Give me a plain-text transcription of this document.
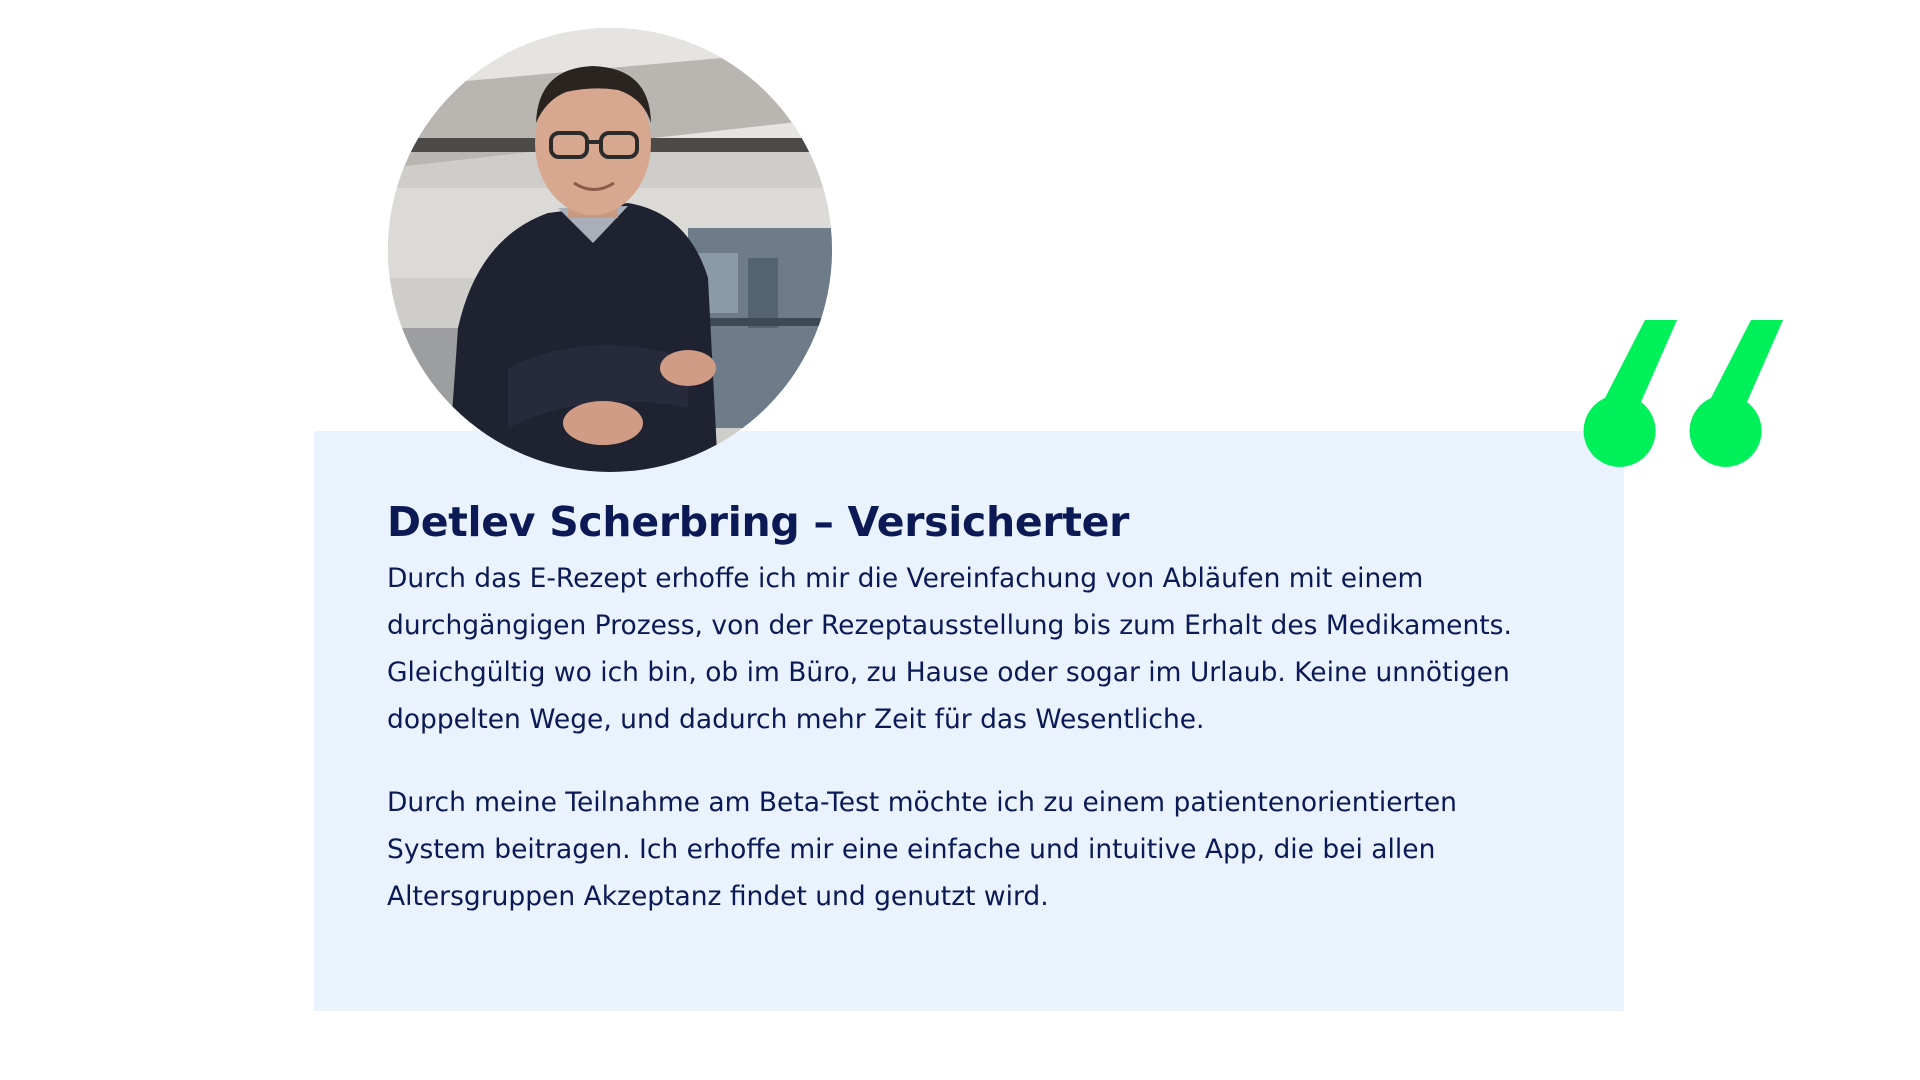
Detlev Scherbring – Versicherter

Durch das E-Rezept erhoffe ich mir die Vereinfachung von Abläufen mit einem durchgängigen Prozess, von der Rezeptausstellung bis zum Erhalt des Medikaments. Gleichgültig wo ich bin, ob im Büro, zu Hause oder sogar im Urlaub. Keine unnötigen doppelten Wege, und dadurch mehr Zeit für das Wesentliche.

Durch meine Teilnahme am Beta-Test möchte ich zu einem patientenorientierten System beitragen. Ich erhoffe mir eine einfache und intuitive App, die bei allen Altersgruppen Akzeptanz findet und genutzt wird.
